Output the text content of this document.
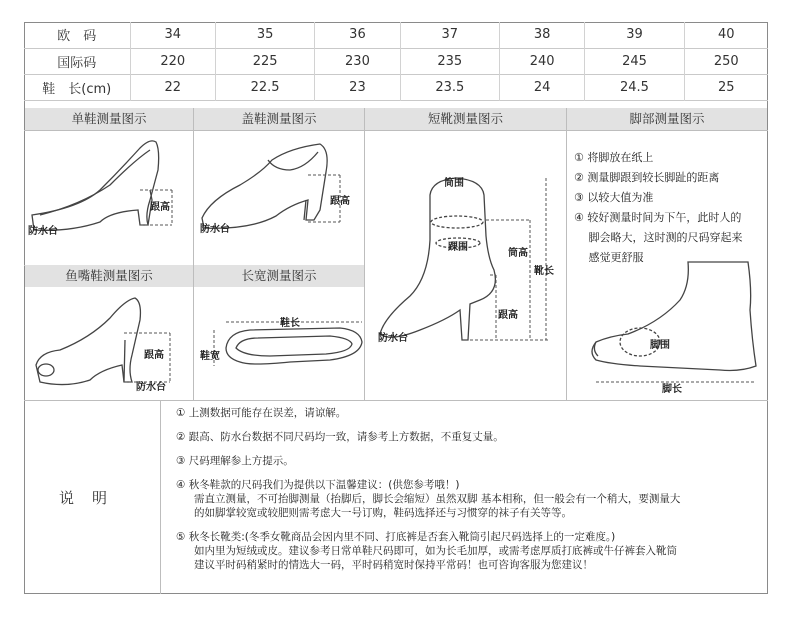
欧　码	34	35	36	37	38	39	40
国际码	220	225	230	235	240	245	250
鞋　长(cm)	22	22.5	23	23.5	24	24.5	25
单鞋测量图示	盖鞋测量图示	短靴测量图示	脚部测量图示
鱼嘴鞋测量图示	长宽测量图示
跟高
防水台
跟高
防水台
跟高
防水台
鞋长
鞋宽
筒围
踝围
筒高
靴长
跟高
防水台
脚围
脚长
① 将脚放在纸上
② 测量脚跟到较长脚趾的距离
③ 以较大值为准
④ 较好测量时间为下午，此时人的
　 脚会略大，这时测的尺码穿起来
　 感觉更舒服
说明
① 上测数据可能存在误差，请谅解。
② 跟高、防水台数据不同尺码均一致，请参考上方数据，不重复丈量。
③ 尺码理解参上方提示。
④ 秋冬鞋款的尺码我们为提供以下温馨建议：(供您参考哦！)
需直立测量，不可抬脚测量（抬脚后，脚长会缩短）虽然双脚 基本相称，但一般会有一个稍大，要测量大
的如脚掌较宽或较肥则需考虑大一号订购，鞋码选择还与习惯穿的袜子有关等等。
⑤ 秋冬长靴类:(冬季女靴商品会因内里不同、打底裤是否套入靴筒引起尺码选择上的一定难度。)
如内里为短绒或皮。建议参考日常单鞋尺码即可，如为长毛加厚，或需考虑厚质打底裤或牛仔裤套入靴筒
建议平时码稍紧时的情选大一码，平时码稍宽时保持平常码！也可咨询客服为您建议！
